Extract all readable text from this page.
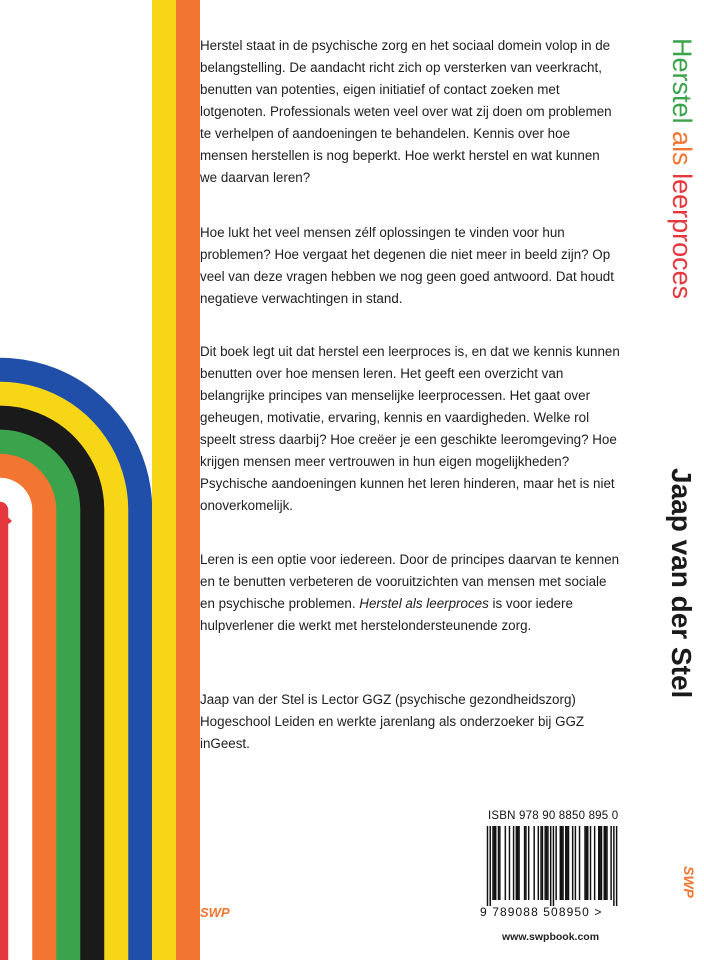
Herstel staat in de psychische zorg en het sociaal domein volop in de belangstelling. De aandacht richt zich op versterken van veerkracht, benutten van potenties, eigen initiatief of contact zoeken met lotgenoten. Professionals weten veel over wat zij doen om problemen te verhelpen of aandoeningen te behandelen. Kennis over hoe mensen herstellen is nog beperkt. Hoe werkt herstel en wat kunnen we daarvan leren?

Hoe lukt het veel mensen zélf oplossingen te vinden voor hun problemen? Hoe vergaat het degenen die niet meer in beeld zijn? Op veel van deze vragen hebben we nog geen goed antwoord. Dat houdt negatieve verwachtingen in stand.

Dit boek legt uit dat herstel een leerproces is, en dat we kennis kunnen benutten over hoe mensen leren. Het geeft een overzicht van belangrijke principes van menselijke leerprocessen. Het gaat over geheugen, motivatie, ervaring, kennis en vaardigheden. Welke rol speelt stress daarbij? Hoe creëer je een geschikte leeromgeving? Hoe krijgen mensen meer vertrouwen in hun eigen mogelijkheden? Psychische aandoeningen kunnen het leren hinderen, maar het is niet onoverkomelijk.

Leren is een optie voor iedereen. Door de principes daarvan te kennen en te benutten verbeteren de vooruitzichten van mensen met sociale en psychische problemen. Herstel als leerproces is voor iedere hulpverlener die werkt met herstelondersteunende zorg.

Jaap van der Stel is Lector GGZ (psychische gezondheidszorg) Hogeschool Leiden en werkte jarenlang als onderzoeker bij GGZ inGeest.

Herstel als leerproces
Jaap van der Stel
SWP
SWP
ISBN 978 90 8850 895 0
9 789088 508950 >
www.swpbook.com
